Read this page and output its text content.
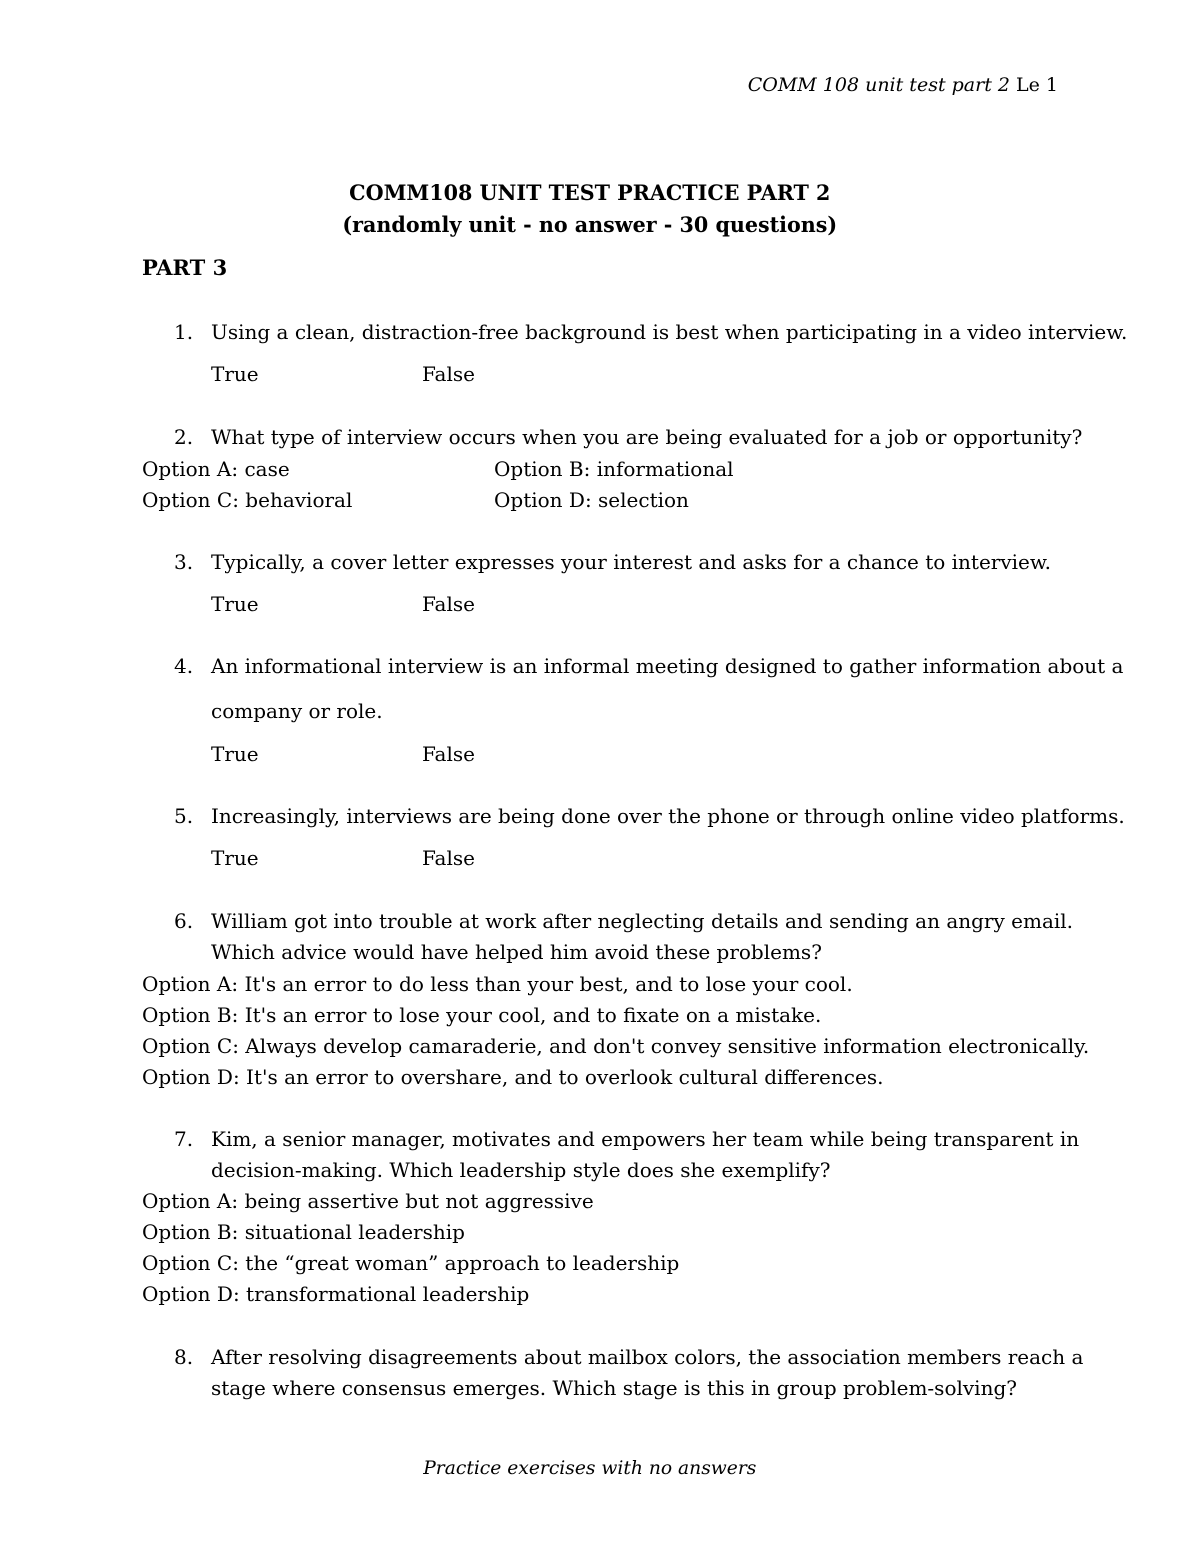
COMM 108 unit test part 2 Le 1
COMM108 UNIT TEST PRACTICE PART 2
(randomly unit - no answer - 30 questions)
PART 3
1. Using a clean, distraction-free background is best when participating in a video interview.
True	False
2. What type of interview occurs when you are being evaluated for a job or opportunity?
Option A: case	Option B: informational
Option C: behavioral	Option D: selection
3. Typically, a cover letter expresses your interest and asks for a chance to interview.
True	False
4. An informational interview is an informal meeting designed to gather information about a
company or role.
True	False
5. Increasingly, interviews are being done over the phone or through online video platforms.
True	False
6. William got into trouble at work after neglecting details and sending an angry email.
Which advice would have helped him avoid these problems?
Option A: It's an error to do less than your best, and to lose your cool.
Option B: It's an error to lose your cool, and to fixate on a mistake.
Option C: Always develop camaraderie, and don't convey sensitive information electronically.
Option D: It's an error to overshare, and to overlook cultural differences.
7. Kim, a senior manager, motivates and empowers her team while being transparent in
decision-making. Which leadership style does she exemplify?
Option A: being assertive but not aggressive
Option B: situational leadership
Option C: the “great woman” approach to leadership
Option D: transformational leadership
8. After resolving disagreements about mailbox colors, the association members reach a
stage where consensus emerges. Which stage is this in group problem-solving?
Practice exercises with no answers
